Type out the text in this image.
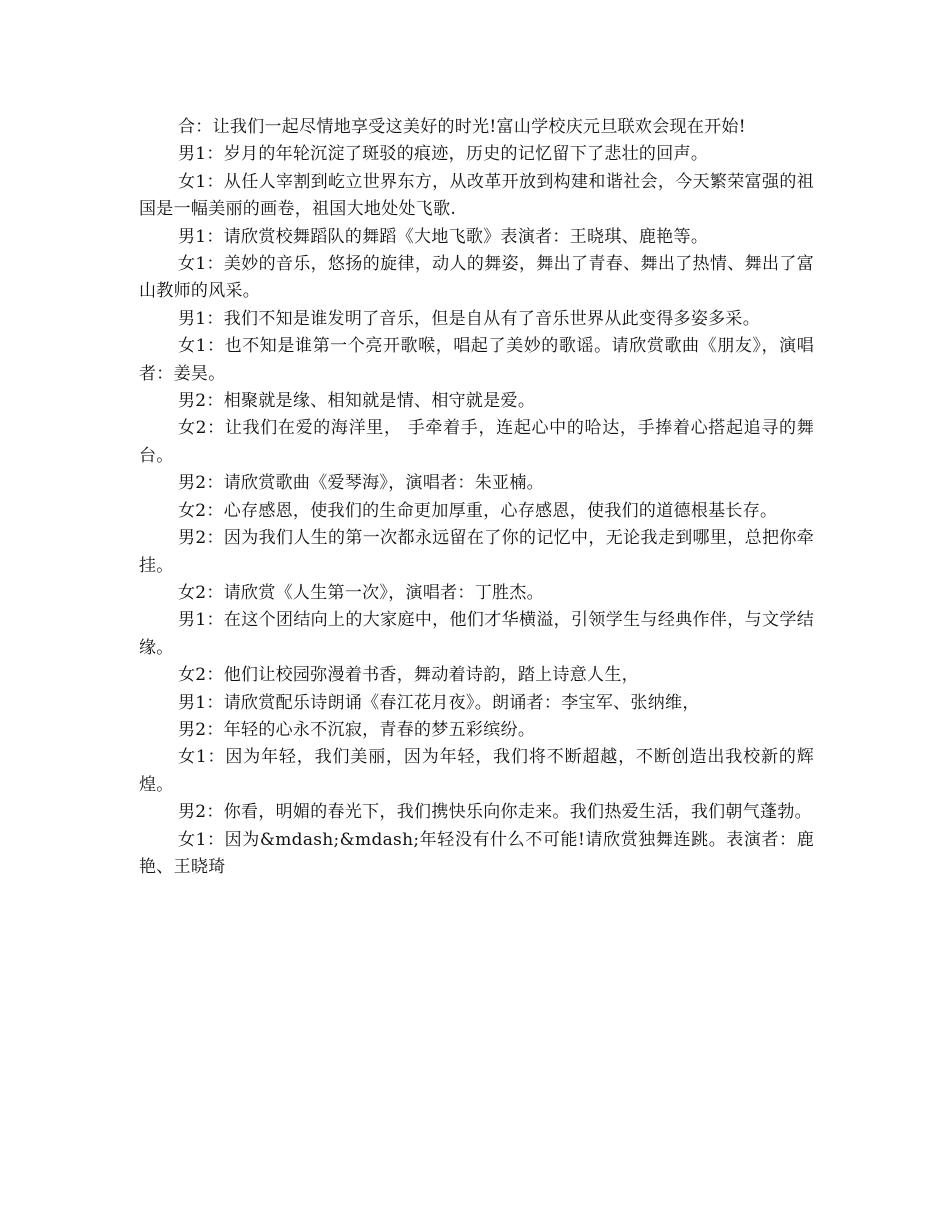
合：让我们一起尽情地享受这美好的时光!富山学校庆元旦联欢会现在开始!

男1：岁月的年轮沉淀了斑驳的痕迹，历史的记忆留下了悲壮的回声。

女1：从任人宰割到屹立世界东方，从改革开放到构建和谐社会，今天繁荣富强的祖国是一幅美丽的画卷，祖国大地处处飞歌.

男1：请欣赏校舞蹈队的舞蹈《大地飞歌》表演者：王晓琪、鹿艳等。

女1：美妙的音乐，悠扬的旋律，动人的舞姿，舞出了青春、舞出了热情、舞出了富山教师的风采。

男1：我们不知是谁发明了音乐，但是自从有了音乐世界从此变得多姿多采。

女1：也不知是谁第一个亮开歌喉，唱起了美妙的歌谣。请欣赏歌曲《朋友》，演唱者：姜昊。

男2：相聚就是缘、相知就是情、相守就是爱。

女2：让我们在爱的海洋里， 手牵着手，连起心中的哈达，手捧着心搭起追寻的舞台。

男2：请欣赏歌曲《爱琴海》，演唱者：朱亚楠。

女2：心存感恩，使我们的生命更加厚重，心存感恩，使我们的道德根基长存。

男2：因为我们人生的第一次都永远留在了你的记忆中，无论我走到哪里，总把你牵挂。

女2：请欣赏《人生第一次》，演唱者：丁胜杰。

男1：在这个团结向上的大家庭中，他们才华横溢，引领学生与经典作伴，与文学结缘。

女2：他们让校园弥漫着书香，舞动着诗韵，踏上诗意人生，

男1：请欣赏配乐诗朗诵《春江花月夜》。朗诵者：李宝军、张纳维，

男2：年轻的心永不沉寂，青春的梦五彩缤纷。

女1：因为年轻，我们美丽，因为年轻，我们将不断超越，不断创造出我校新的辉煌。

男2：你看，明媚的春光下，我们携快乐向你走来。我们热爱生活，我们朝气蓬勃。

女1：因为&mdash;&mdash;年轻没有什么不可能!请欣赏独舞连跳。表演者：鹿艳、王晓琦
